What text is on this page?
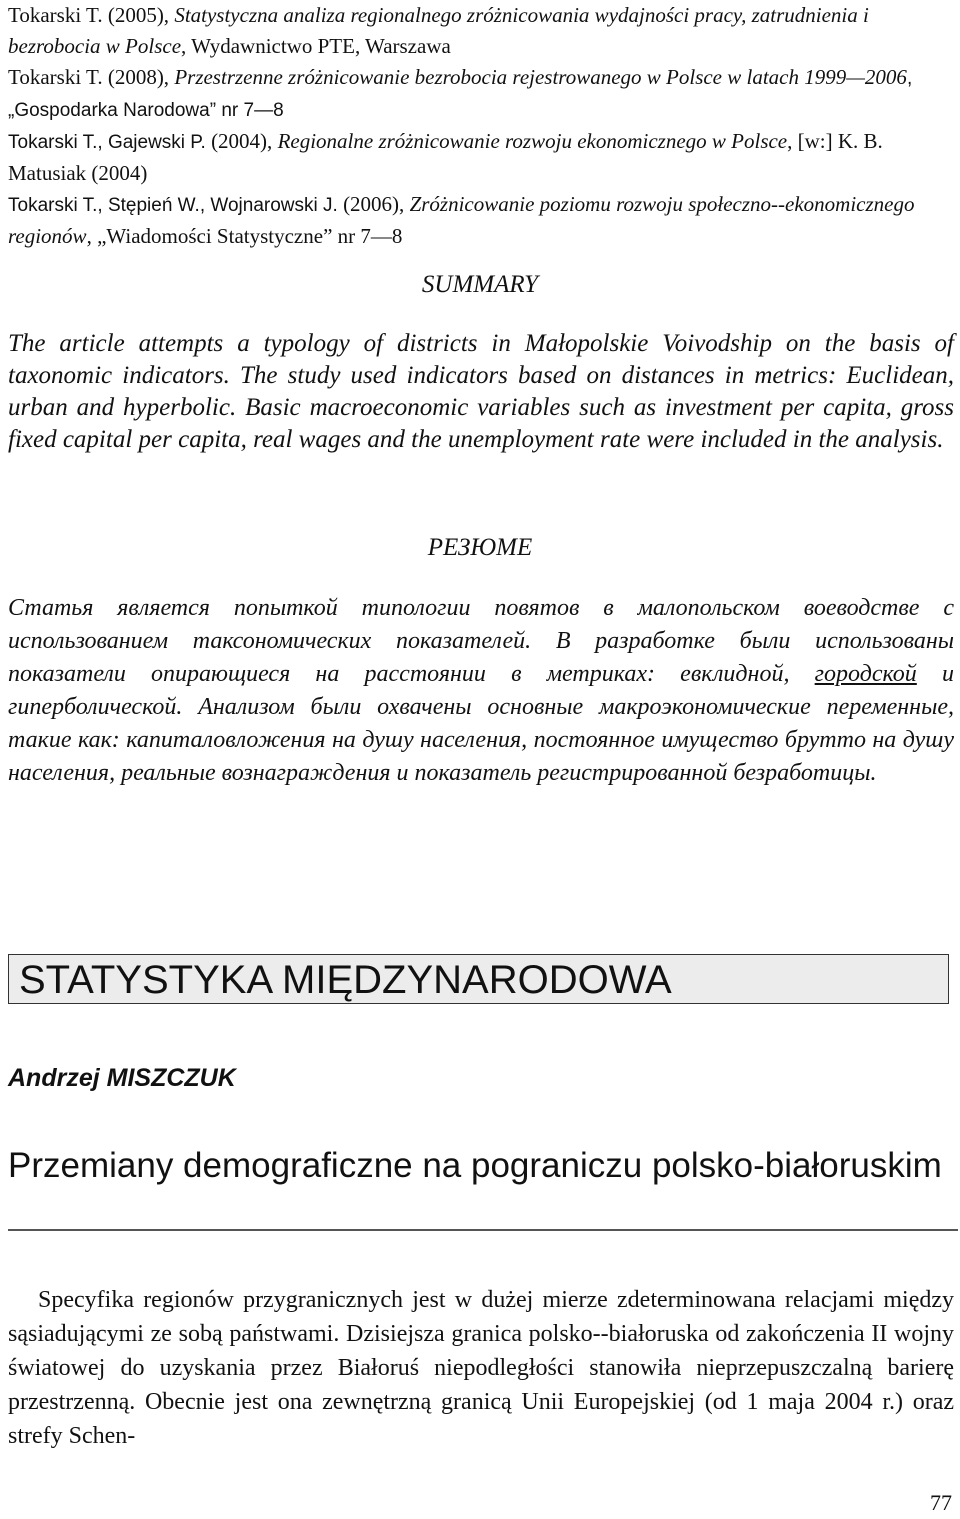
Tokarski T. (2005), Statystyczna analiza regionalnego zróżnicowania wydajności pracy, zatrudnienia i bezrobocia w Polsce, Wydawnictwo PTE, Warszawa

Tokarski T. (2008), Przestrzenne zróżnicowanie bezrobocia rejestrowanego w Polsce w latach 1999—2006, „Gospodarka Narodowa” nr 7—8

Tokarski T., Gajewski P. (2004), Regionalne zróżnicowanie rozwoju ekonomicznego w Polsce, [w:] K. B. Matusiak (2004)

Tokarski T., Stępień W., Wojnarowski J. (2006), Zróżnicowanie poziomu rozwoju społeczno--ekonomicznego regionów, „Wiadomości Statystyczne” nr 7—8

SUMMARY

The article attempts a typology of districts in Małopolskie Voivodship on the basis of taxonomic indicators. The study used indicators based on distances in metrics: Euclidean, urban and hyperbolic. Basic macroeconomic variables such as investment per capita, gross fixed capital per capita, real wages and the unemployment rate were included in the analysis.

РЕЗЮМЕ

Статья является попыткой типологии повятов в малопольском воеводстве с использованием таксономических показателей. В разработке были использованы показатели опирающиеся на расстоянии в метриках: евклидной, городской и гиперболической. Анализом были охвачены основные макроэкономические переменные, такие как: капиталовложения на душу населения, постоянное имущество брутто на душу населения, реальные вознаграждения и показатель регистрированной безработицы.

STATYSTYKA MIĘDZYNARODOWA
Andrzej MISZCZUK
Przemiany demograficzne na pograniczu polsko-białoruskim

Specyfika regionów przygranicznych jest w dużej mierze zdeterminowana relacjami między sąsiadującymi ze sobą państwami. Dzisiejsza granica polsko--białoruska od zakończenia II wojny światowej do uzyskania przez Białoruś niepodległości stanowiła nieprzepuszczalną barierę przestrzenną. Obecnie jest ona zewnętrzną granicą Unii Europejskiej (od 1 maja 2004 r.) oraz strefy Schen-

77
